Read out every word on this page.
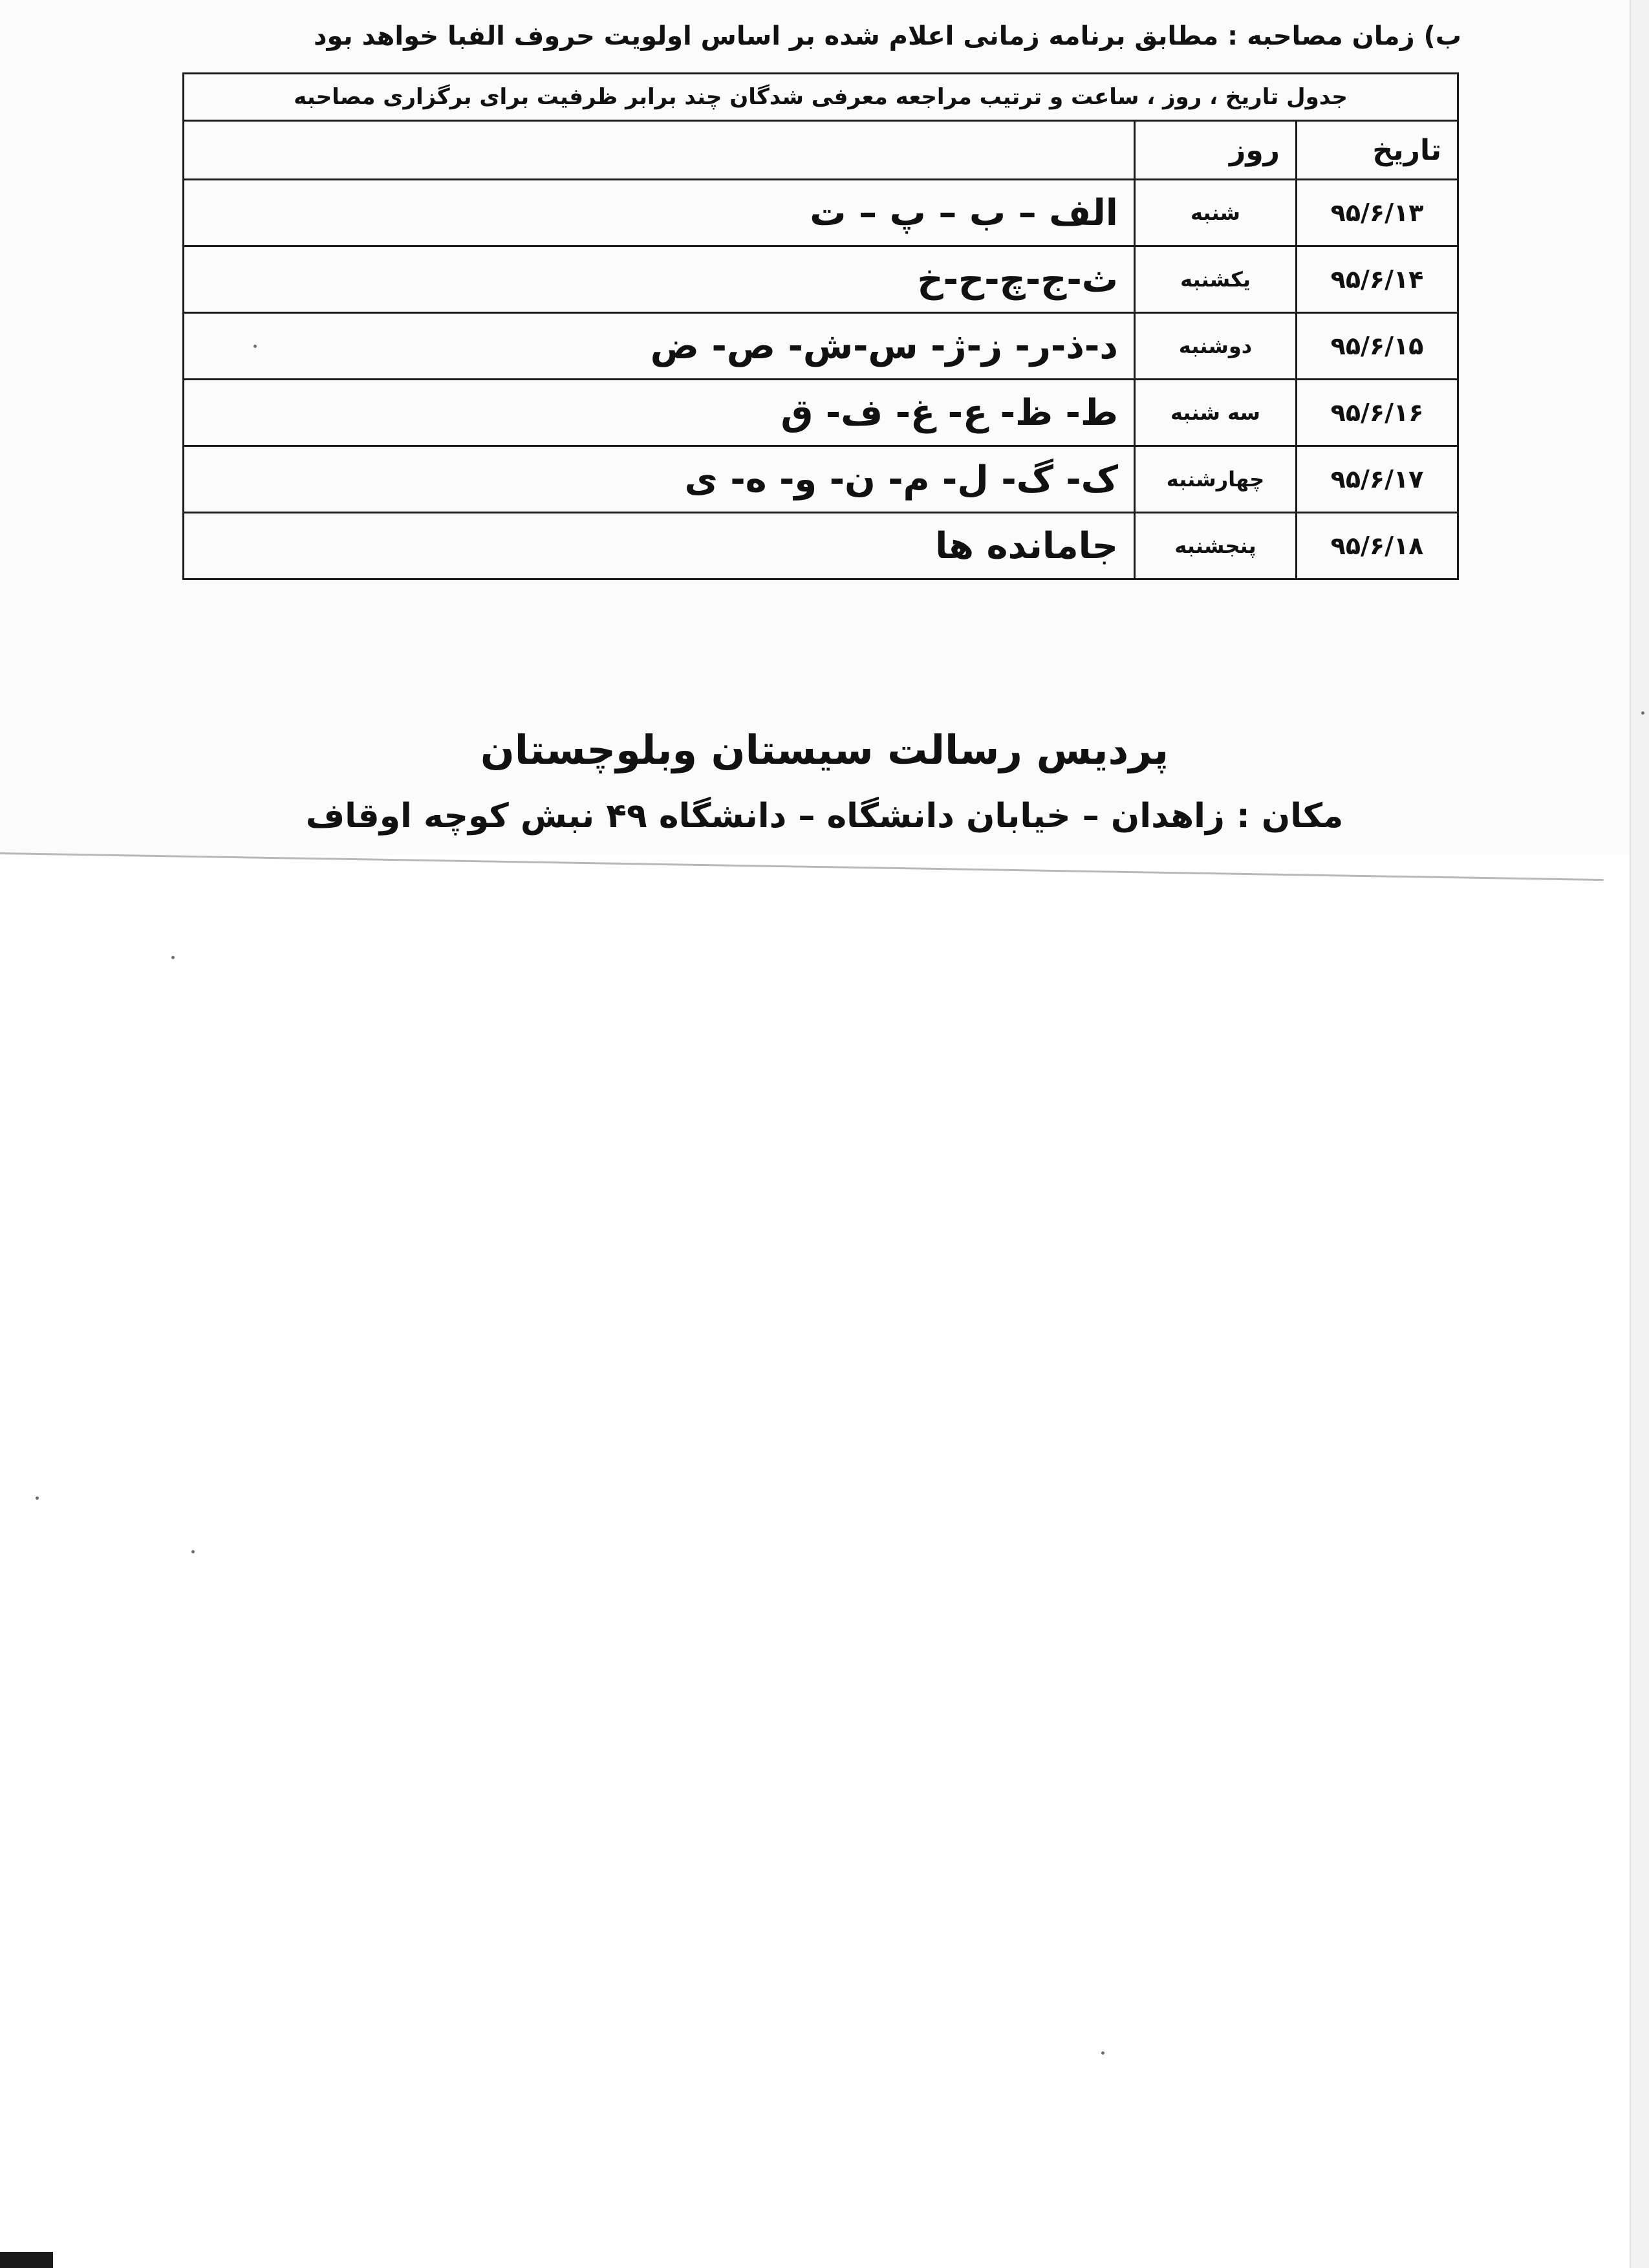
ب) زمان مصاحبه : مطابق برنامه زمانی اعلام شده بر اساس اولویت حروف الفبا خواهد بود
جدول تاریخ ، روز ، ساعت و ترتیب مراجعه معرفی شدگان چند برابر ظرفیت برای برگزاری مصاحبه		
تاریخ	روز	
۹۵/۶/۱۳	شنبه	الف – ب – پ – ت
۹۵/۶/۱۴	یکشنبه	ث-ج-چ-ح-خ
۹۵/۶/۱۵	دوشنبه	د-ذ-ر- ز-ژ- س-ش- ص- ض
۹۵/۶/۱۶	سه شنبه	ط- ظ- ع- غ- ف- ق
۹۵/۶/۱۷	چهارشنبه	ک- گ- ل- م- ن- و- ه- ی
۹۵/۶/۱۸	پنجشنبه	جامانده ها
پردیس رسالت سیستان وبلوچستان
مکان : زاهدان – خیابان دانشگاه – دانشگاه ۴۹ نبش کوچه اوقاف
